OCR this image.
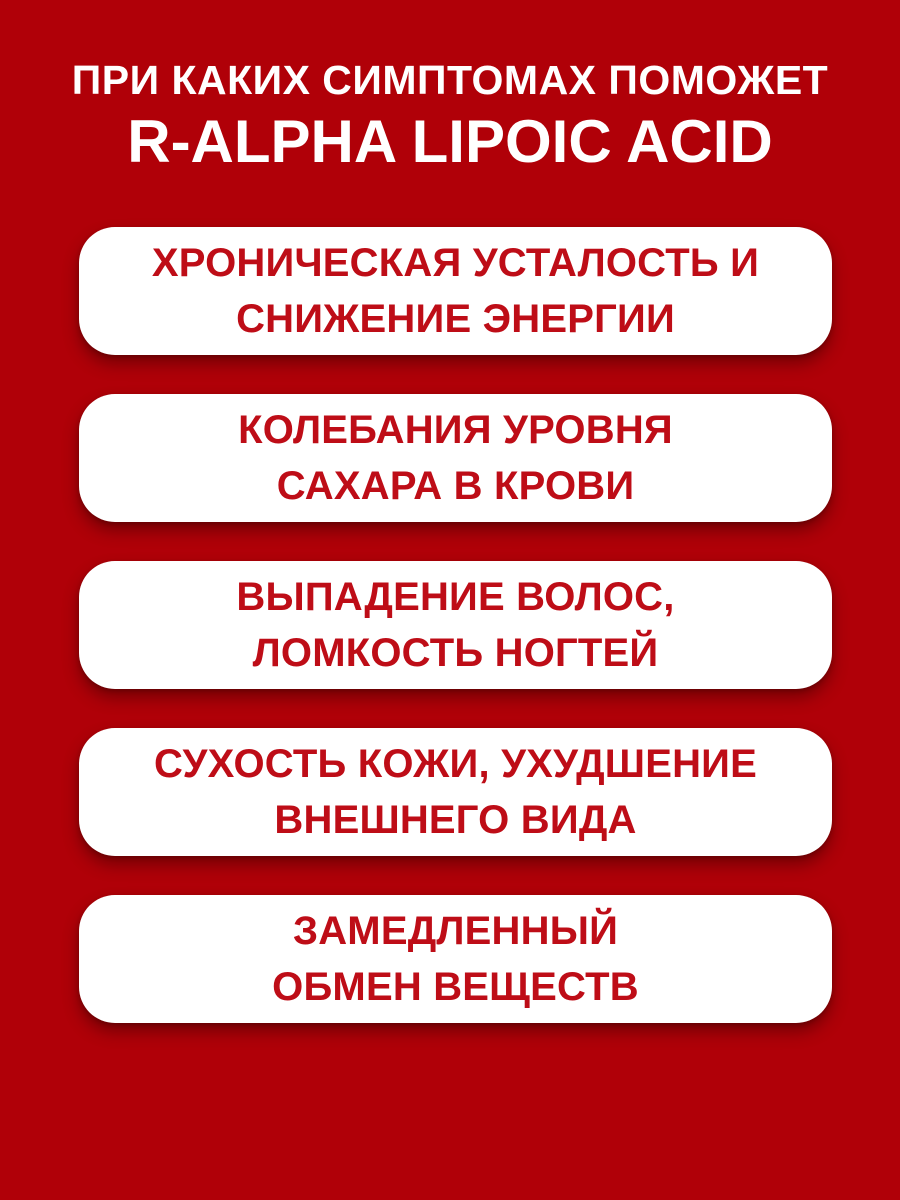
ПРИ КАКИХ СИМПТОМАХ ПОМОЖЕТ
R-ALPHA LIPOIC ACID
ХРОНИЧЕСКАЯ УСТАЛОСТЬ И
СНИЖЕНИЕ ЭНЕРГИИ
КОЛЕБАНИЯ УРОВНЯ
САХАРА В КРОВИ
ВЫПАДЕНИЕ ВОЛОС,
ЛОМКОСТЬ НОГТЕЙ
СУХОСТЬ КОЖИ, УХУДШЕНИЕ
ВНЕШНЕГО ВИДА
ЗАМЕДЛЕННЫЙ
ОБМЕН ВЕЩЕСТВ
